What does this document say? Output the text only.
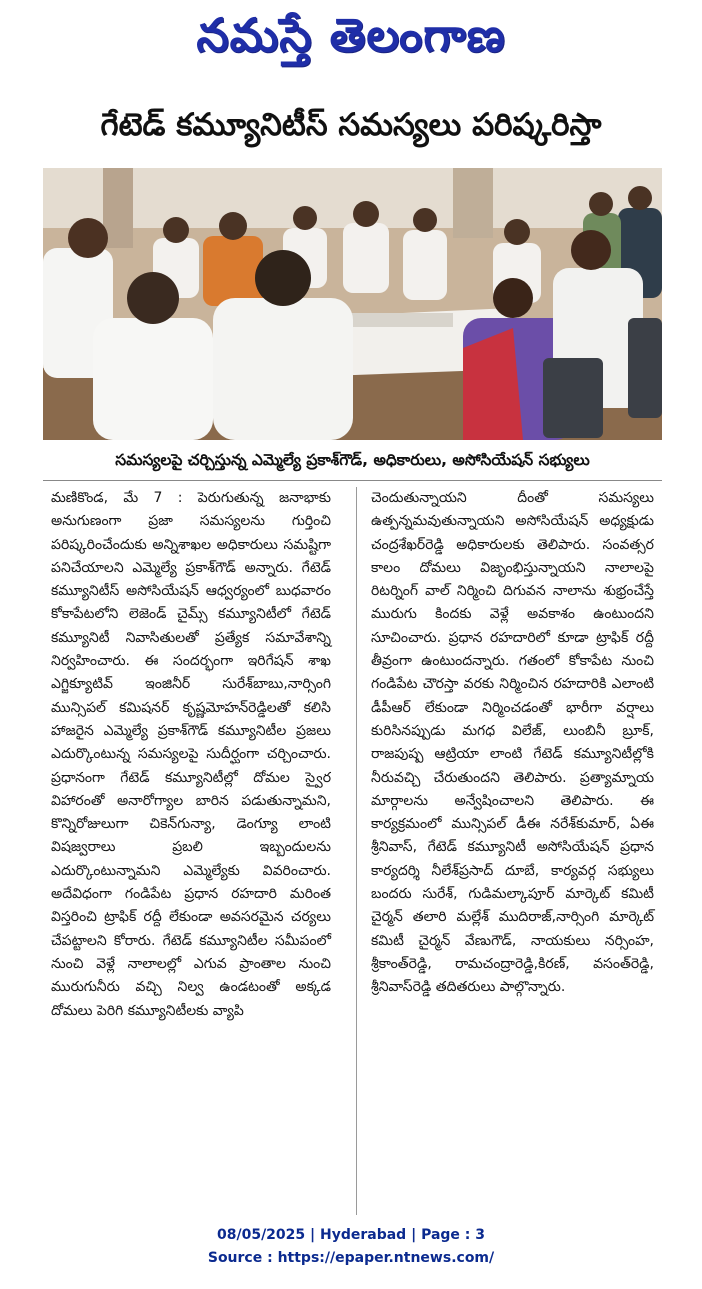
నమస్తే తెలంగాణ
గేటెడ్ కమ్యూనిటీస్ సమస్యలు పరిష్కరిస్తా
సమస్యలపై చర్చిస్తున్న ఎమ్మెల్యే ప్రకాశ్‌గౌడ్, అధికారులు, అసోసియేషన్ సభ్యులు

మణికొండ, మే 7 : పెరుగుతున్న జనాభాకు అనుగుణంగా ప్రజా సమస్యలను గుర్తించి పరిష్కరించేందుకు అన్నిశాఖల అధికారులు సమష్టిగా పనిచేయాలని ఎమ్మెల్యే ప్రకాశ్‌గౌడ్ అన్నారు. గేటెడ్ కమ్యూనిటీస్ అసోసియేషన్ ఆధ్వర్యంలో బుధవారం కోకాపేటలోని లెజెండ్ చైమ్స్ కమ్యూనిటీలో గేటెడ్ కమ్యూనిటీ నివాసితులతో ప్రత్యేక సమావేశాన్ని నిర్వహించారు. ఈ సందర్భంగా ఇరిగేషన్ శాఖ ఎగ్జిక్యూటివ్ ఇంజినీర్ సురేశ్‌బాబు,నార్సింగి మున్సిపల్ కమిషనర్ కృష్ణమోహన్‌రెడ్డిలతో కలిసి హాజరైన ఎమ్మెల్యే ప్రకాశ్‌గౌడ్ కమ్యూనిటీల ప్రజలు ఎదుర్కొంటున్న సమస్యలపై సుదీర్ఘంగా చర్చించారు. ప్రధానంగా గేటెడ్ కమ్యూనిటీల్లో దోమల స్వైర విహారంతో అనారోగ్యాల బారిన పడుతున్నామని, కొన్నిరోజులుగా చికెన్‌గున్యా, డెంగ్యూ లాంటి విషజ్వరాలు ప్రబలి ఇబ్బందులను ఎదుర్కొంటున్నామని ఎమ్మెల్యేకు వివరించారు. అదేవిధంగా గండిపేట ప్రధాన రహదారి మరింత విస్తరించి ట్రాఫిక్ రద్దీ లేకుండా అవసరమైన చర్యలు చేపట్టాలని కోరారు. గేటెడ్ కమ్యూనిటీల సమీపంలో నుంచి వెళ్లే నాలాలల్లో ఎగువ ప్రాంతాల నుంచి మురుగునీరు వచ్చి నిల్వ ఉండటంతో అక్కడ దోమలు పెరిగి కమ్యూనిటీలకు వ్యాపి

చెందుతున్నాయని దీంతో సమస్యలు ఉత్పన్నమవుతున్నాయని అసోసియేషన్ అధ్యక్షుడు చంద్రశేఖర్‌రెడ్డి అధికారులకు తెలిపారు. సంవత్సర కాలం దోమలు విజృంభిస్తున్నాయని నాలాలపై రిటర్నింగ్ వాల్ నిర్మించి దిగువన నాలాను శుభ్రంచేస్తే మురుగు కిందకు వెళ్లే అవకాశం ఉంటుందని సూచించారు. ప్రధాన రహదారిలో కూడా ట్రాఫిక్ రద్దీ తీవ్రంగా ఉంటుందన్నారు. గతంలో కోకాపేట నుంచి గండిపేట చౌరస్తా వరకు నిర్మించిన రహదారికి ఎలాంటి డీపీఆర్ లేకుండా నిర్మించడంతో భారీగా వర్షాలు కురిసినప్పుడు మగధ విలేజ్, లుంబినీ బ్రూక్, రాజపుష్ప ఆట్రియా లాంటి గేటెడ్ కమ్యూనిటీల్లోకి నీరువచ్చి చేరుతుందని తెలిపారు. ప్రత్యామ్నాయ మార్గాలను అన్వేషించాలని తెలిపారు. ఈ కార్యక్రమంలో మున్సిపల్ డీఈ నరేశ్‌కుమార్, ఏఈ శ్రీనివాస్, గేటెడ్ కమ్యూనిటీ అసోసియేషన్ ప్రధాన కార్యదర్శి నీలేశ్‌ప్రసాద్ దూబే, కార్యవర్గ సభ్యులు బందరు సురేశ్, గుడిమల్కాపూర్ మార్కెట్ కమిటీ చైర్మన్ తలారి మల్లేశ్ ముదిరాజ్,నార్సింగి మార్కెట్ కమిటీ చైర్మన్ వేణుగౌడ్, నాయకులు నర్సింహ, శ్రీకాంత్‌రెడ్డి, రామచంద్రారెడ్డి,కిరణ్, వసంత్‌రెడ్డి, శ్రీనివాస్‌రెడ్డి తదితరులు పాల్గొన్నారు.

08/05/2025 | Hyderabad | Page : 3
Source : https://epaper.ntnews.com/
